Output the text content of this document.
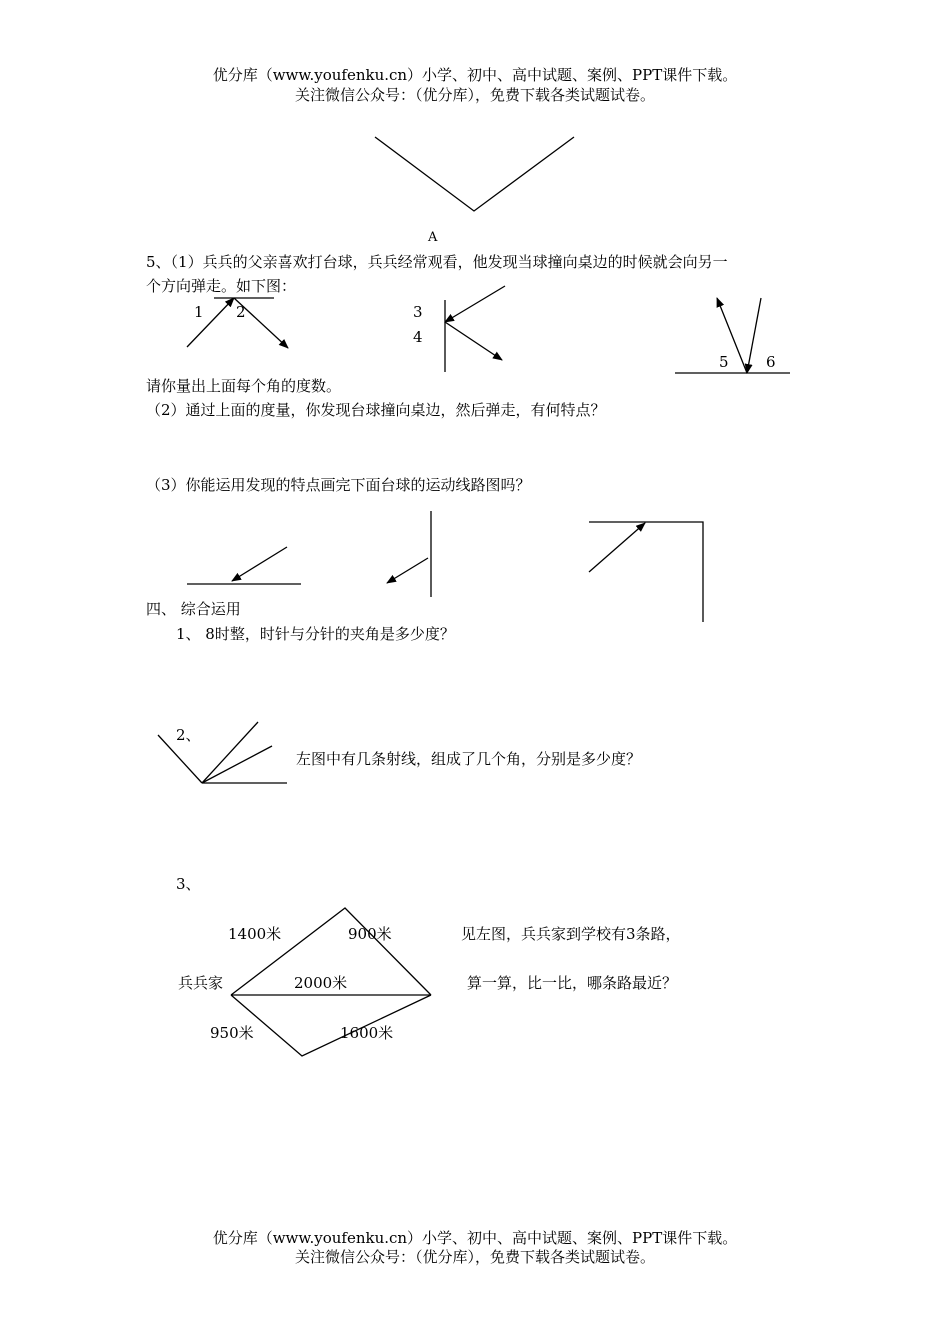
优分库（www.youfenku.cn）小学、初中、高中试题、案例、PPT课件下载。
关注微信公众号：（优分库），免费下载各类试题试卷。
A
5、（1）兵兵的父亲喜欢打台球，兵兵经常观看，他发现当球撞向桌边的时候就会向另一
个方向弹走。如下图：
1 2	3
4
5 6
请你量出上面每个角的度数。
（2）通过上面的度量，你发现台球撞向桌边，然后弹走，有何特点？
（3）你能运用发现的特点画完下面台球的运动线路图吗？
四、 综合运用
1、 8时整，时针与分针的夹角是多少度？
2、
左图中有几条射线，组成了几个角，分别是多少度？
3、
1400米	900米
兵兵家	2000米
950米	1600米
见左图，兵兵家到学校有3条路，
算一算，比一比，哪条路最近？
优分库（www.youfenku.cn）小学、初中、高中试题、案例、PPT课件下载。
关注微信公众号：（优分库），免费下载各类试题试卷。
